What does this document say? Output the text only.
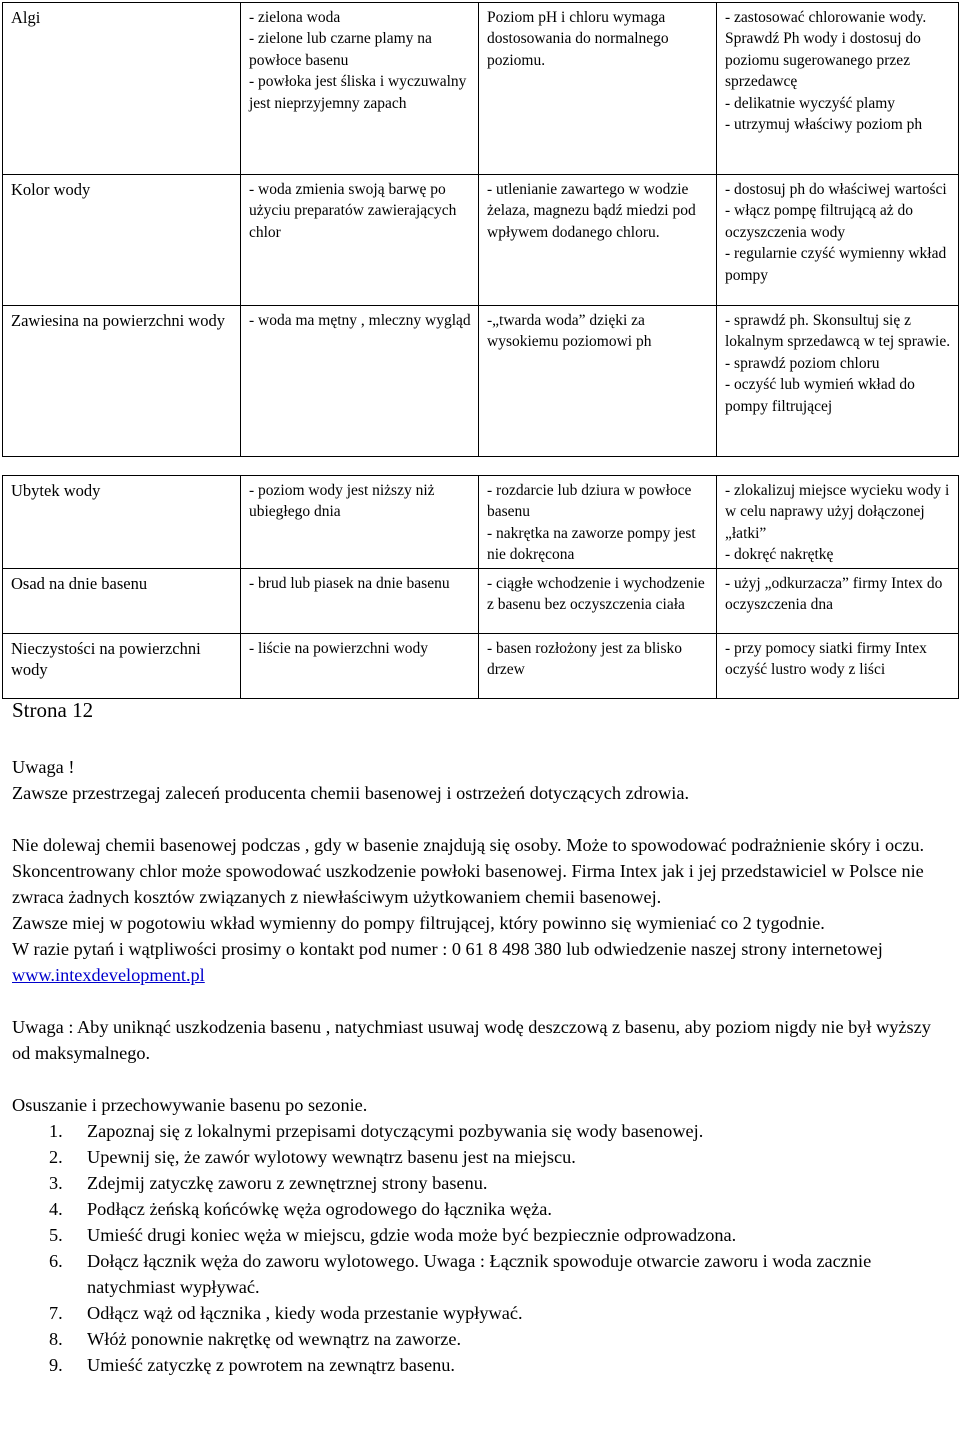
Algi	- zielona woda
- zielone lub czarne plamy na powłoce basenu
- powłoka jest śliska i wyczuwalny jest nieprzyjemny zapach	Poziom pH i chloru wymaga dostosowania do normalnego poziomu.	- zastosować chlorowanie wody. Sprawdź Ph wody i dostosuj do poziomu sugerowanego przez sprzedawcę
- delikatnie wyczyść plamy
- utrzymuj właściwy poziom ph
Kolor wody	- woda zmienia swoją barwę po użyciu preparatów zawierających chlor	- utlenianie zawartego w wodzie żelaza, magnezu bądź miedzi pod wpływem dodanego chloru.	- dostosuj ph do właściwej wartości
- włącz pompę filtrującą aż do oczyszczenia wody
- regularnie czyść wymienny wkład pompy
Zawiesina na powierzchni wody	- woda ma mętny , mleczny wygląd	-„twarda woda” dzięki za wysokiemu poziomowi ph	- sprawdź ph. Skonsultuj się z lokalnym sprzedawcą w tej sprawie.
- sprawdź poziom chloru
- oczyść lub wymień wkład do pompy filtrującej
Ubytek wody	- poziom wody jest niższy niż ubiegłego dnia	- rozdarcie lub dziura w powłoce basenu
- nakrętka na zaworze pompy jest nie dokręcona	- zlokalizuj miejsce wycieku wody i w celu naprawy użyj dołączonej „łatki”
- dokręć nakrętkę
Osad na dnie basenu	- brud lub piasek na dnie basenu	- ciągłe wchodzenie i wychodzenie z basenu bez oczyszczenia ciała	- użyj „odkurzacza” firmy Intex do oczyszczenia dna
Nieczystości na powierzchni wody	- liście na powierzchni wody	- basen rozłożony jest za blisko drzew	- przy pomocy siatki firmy Intex oczyść lustro wody z liści
Strona 12

Uwaga !

Zawsze przestrzegaj zaleceń producenta chemii basenowej i ostrzeżeń dotyczących zdrowia.

Nie dolewaj chemii basenowej podczas , gdy w basenie znajdują się osoby. Może to spowodować podrażnienie skóry i oczu. Skoncentrowany chlor może spowodować uszkodzenie powłoki basenowej. Firma Intex jak i jej przedstawiciel w Polsce nie zwraca żadnych kosztów związanych z niewłaściwym użytkowaniem chemii basenowej.

Zawsze miej w pogotowiu wkład wymienny do pompy filtrującej, który powinno się wymieniać co 2 tygodnie.

W razie pytań i wątpliwości prosimy o kontakt pod numer : 0 61 8 498 380 lub odwiedzenie naszej strony internetowej www.intexdevelopment.pl

Uwaga : Aby uniknąć uszkodzenia basenu , natychmiast usuwaj wodę deszczową z basenu, aby poziom nigdy nie był wyższy od maksymalnego.

Osuszanie i przechowywanie basenu po sezonie.

1. Zapoznaj się z lokalnymi przepisami dotyczącymi pozbywania się wody basenowej.
2. Upewnij się, że zawór wylotowy wewnątrz basenu jest na miejscu.
3. Zdejmij zatyczkę zaworu z zewnętrznej strony basenu.
4. Podłącz żeńską końcówkę węża ogrodowego do łącznika węża.
5. Umieść drugi koniec węża w miejscu, gdzie woda może być bezpiecznie odprowadzona.
6. Dołącz łącznik węża do zaworu wylotowego. Uwaga : Łącznik spowoduje otwarcie zaworu i woda zacznie natychmiast wypływać.
7. Odłącz wąż od łącznika , kiedy woda przestanie wypływać.
8. Włóż ponownie nakrętkę od wewnątrz na zaworze.
9. Umieść zatyczkę z powrotem na zewnątrz basenu.
